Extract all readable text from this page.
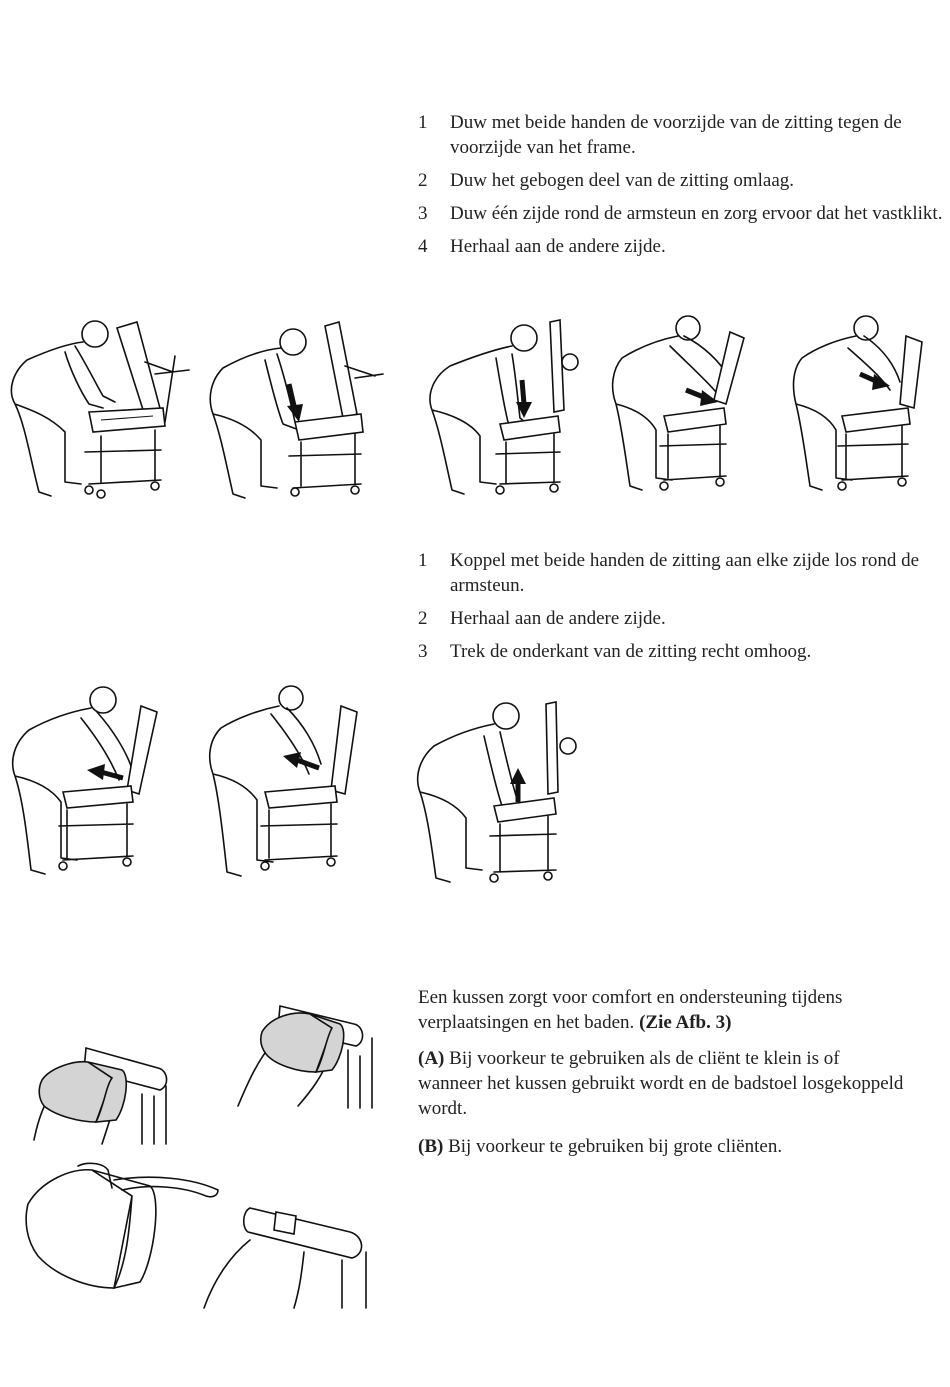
1 Duw met beide handen de voorzijde van de zitting tegen de voorzijde van het frame.
2 Duw het gebogen deel van de zitting omlaag.
3 Duw één zijde rond de armsteun en zorg ervoor dat het vastklikt.
4 Herhaal aan de andere zijde.
1 Koppel met beide handen de zitting aan elke zijde los rond de armsteun.
2 Herhaal aan de andere zijde.
3 Trek de onderkant van de zitting recht omhoog.

Een kussen zorgt voor comfort en ondersteuning tijdens verplaatsingen en het baden. (Zie Afb. 3)

(A) Bij voorkeur te gebruiken als de cliënt te klein is of wanneer het kussen gebruikt wordt en de badstoel losgekoppeld wordt.

(B) Bij voorkeur te gebruiken bij grote cliënten.
